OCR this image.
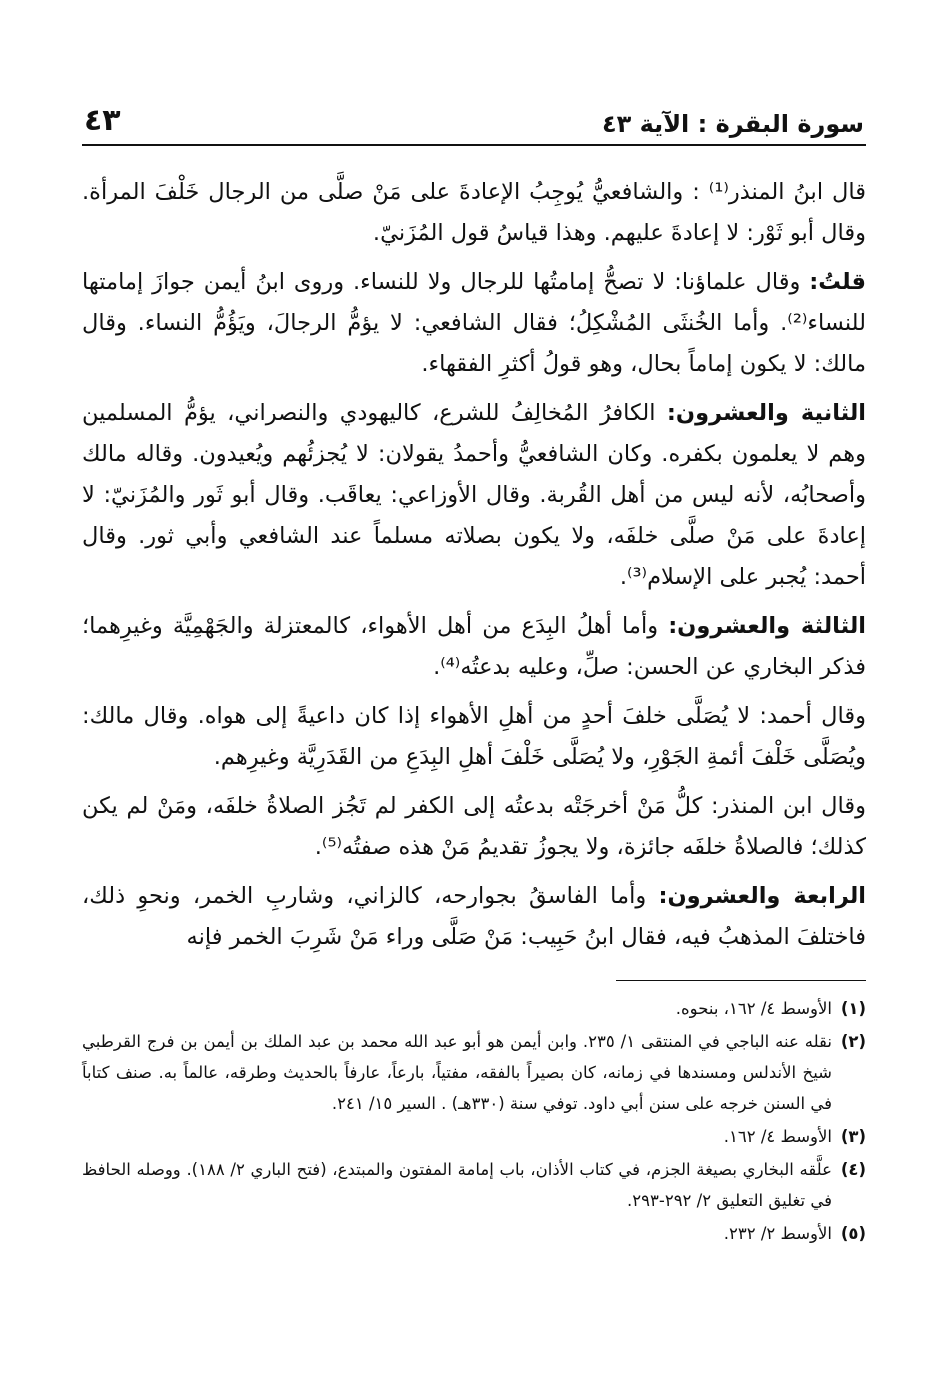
سورة البقرة : الآية ٤٣
٤٣

قال ابنُ المنذر⁽¹⁾ : والشافعيُّ يُوجِبُ الإعادةَ على مَنْ صلَّى من الرجال خَلْفَ المرأة. وقال أبو ثَوْر: لا إعادةَ عليهم. وهذا قياسُ قول المُزَنيّ.

قلتُ: وقال علماؤنا: لا تصحُّ إمامتُها للرجال ولا للنساء. وروى ابنُ أيمن جوازَ إمامتها للنساء⁽²⁾. وأما الخُنثَى المُشْكِلُ؛ فقال الشافعي: لا يؤمُّ الرجالَ، ويَؤُمُّ النساء. وقال مالك: لا يكون إماماً بحال، وهو قولُ أكثرِ الفقهاء.

الثانية والعشرون: الكافرُ المُخالِفُ للشرع، كاليهودي والنصراني، يؤمُّ المسلمين وهم لا يعلمون بكفره. وكان الشافعيُّ وأحمدُ يقولان: لا يُجزئُهم ويُعيدون. وقاله مالك وأصحابُه، لأنه ليس من أهل القُربة. وقال الأوزاعي: يعاقَب. وقال أبو ثَور والمُزَنيّ: لا إعادةَ على مَنْ صلَّى خلفَه، ولا يكون بصلاته مسلماً عند الشافعي وأبي ثور. وقال أحمد: يُجبر على الإسلام⁽³⁾.

الثالثة والعشرون: وأما أهلُ البِدَع من أهل الأهواء، كالمعتزلة والجَهْمِيَّة وغيرِهما؛ فذكر البخاري عن الحسن: صلِّ، وعليه بدعتُه⁽⁴⁾.

وقال أحمد: لا يُصَلَّى خلفَ أحدٍ من أهلِ الأهواء إذا كان داعيةً إلى هواه. وقال مالك: ويُصَلَّى خَلْفَ أئمةِ الجَوْرِ، ولا يُصَلَّى خَلْفَ أهلِ البِدَعِ من القَدَرِيَّة وغيرِهم.

وقال ابن المنذر: كلُّ مَنْ أخرجَتْه بدعتُه إلى الكفر لم تَجُز الصلاةُ خلفَه، ومَنْ لم يكن كذلك؛ فالصلاةُ خلفَه جائزة، ولا يجوزُ تقديمُ مَنْ هذه صفتُه⁽⁵⁾.

الرابعة والعشرون: وأما الفاسقُ بجوارحه، كالزاني، وشاربِ الخمر، ونحوِ ذلك، فاختلفَ المذهبُ فيه، فقال ابنُ حَبِيب: مَنْ صَلَّى وراء مَنْ شَرِبَ الخمر فإنه

(١)
الأوسط ٤/ ١٦٢، بنحوه.
(٢)
نقله عنه الباجي في المنتقى ١/ ٢٣٥. وابن أيمن هو أبو عبد الله محمد بن عبد الملك بن أيمن بن فرج القرطبي شيخ الأندلس ومسندها في زمانه، كان بصيراً بالفقه، مفتياً، بارعاً، عارفاً بالحديث وطرقه، عالماً به. صنف كتاباً في السنن خرجه على سنن أبي داود. توفي سنة (٣٣٠هـ) . السير ١٥/ ٢٤١.
(٣)
الأوسط ٤/ ١٦٢.
(٤)
علَّقه البخاري بصيغة الجزم، في كتاب الأذان، باب إمامة المفتون والمبتدع، (فتح الباري ٢/ ١٨٨). ووصله الحافظ في تغليق التعليق ٢/ ٢٩٢-٢٩٣.
(٥)
الأوسط ٢/ ٢٣٢.
